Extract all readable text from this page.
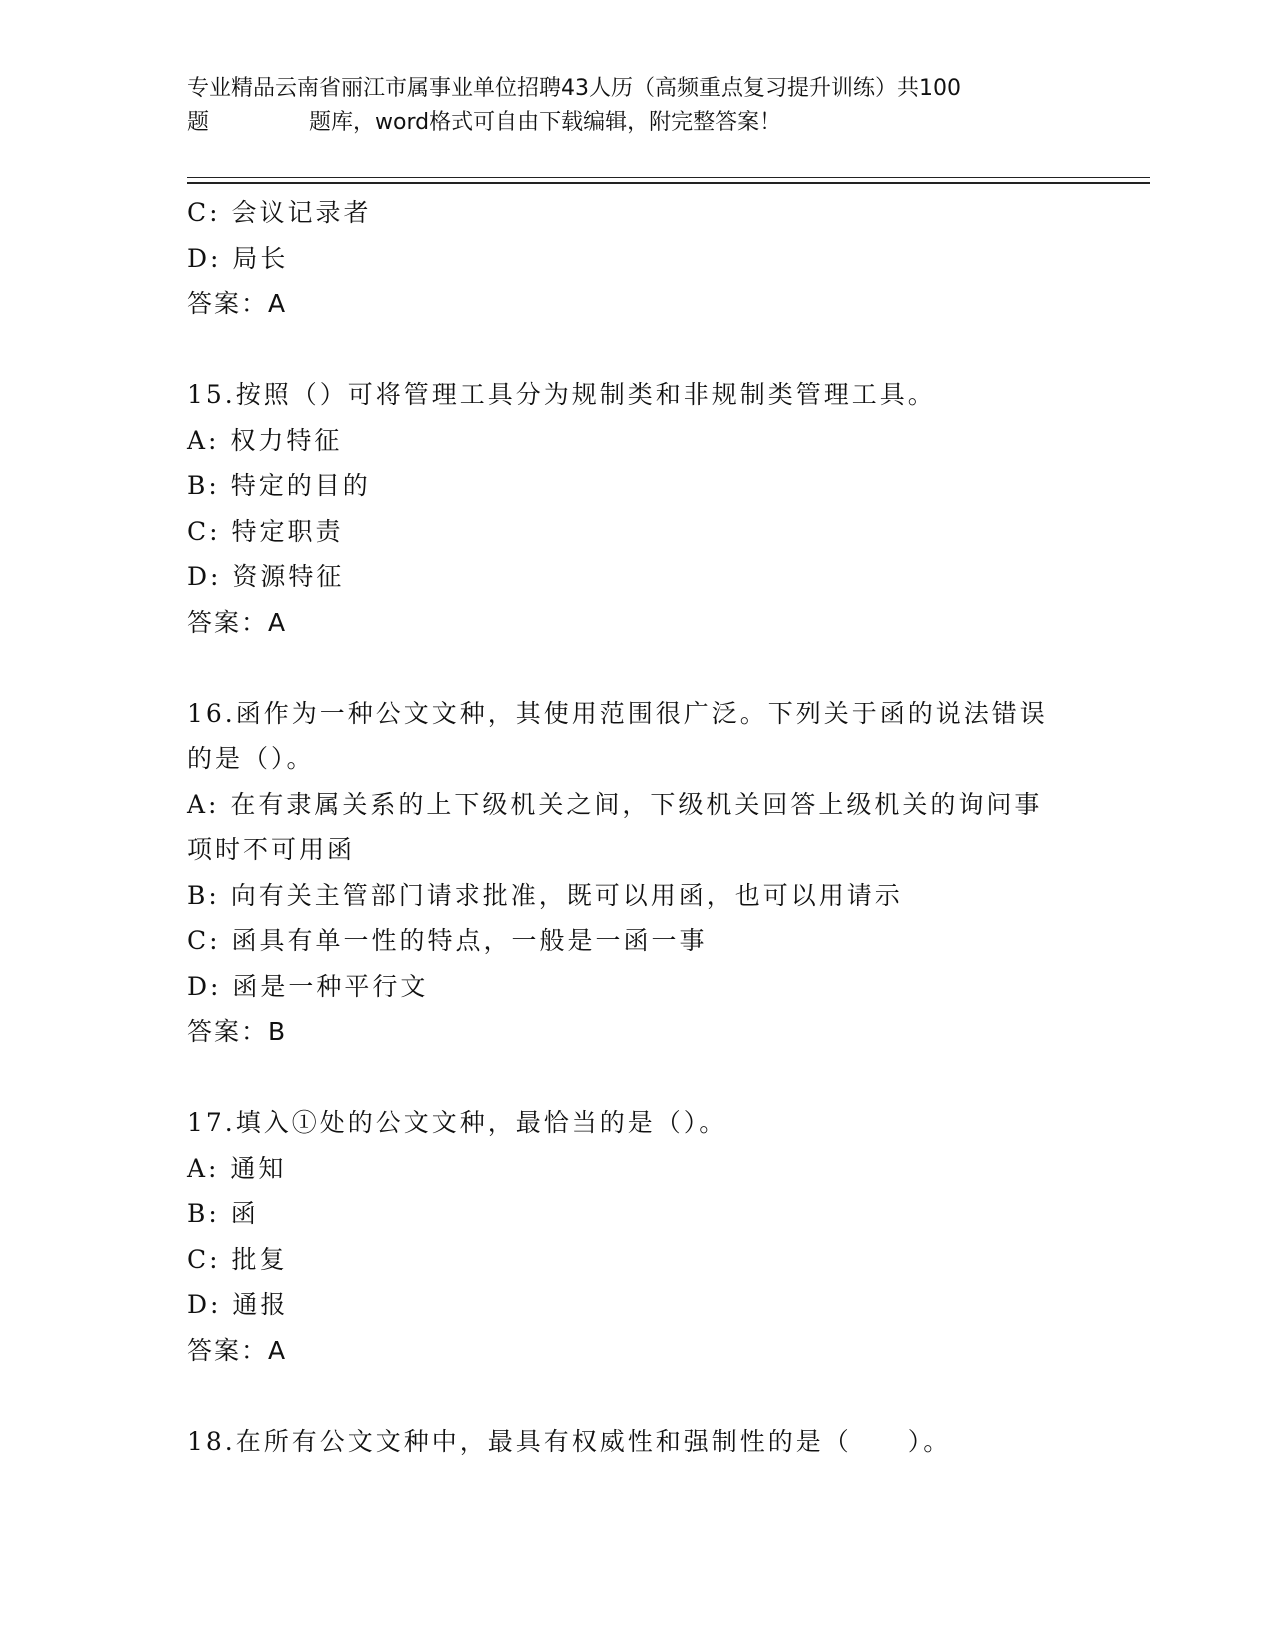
专业精品云南省丽江市属事业单位招聘43人历（高频重点复习提升训练）共100
题	题库，word格式可自由下载编辑，附完整答案！
C: 会议记录者
D: 局长
答案：A
15.按照（）可将管理工具分为规制类和非规制类管理工具。
A: 权力特征
B: 特定的目的
C: 特定职责
D: 资源特征
答案：A
16.函作为一种公文文种，其使用范围很广泛。下列关于函的说法错误
的是（）。
A: 在有隶属关系的上下级机关之间，下级机关回答上级机关的询问事
项时不可用函
B: 向有关主管部门请求批准，既可以用函，也可以用请示
C: 函具有单一性的特点，一般是一函一事
D: 函是一种平行文
答案：B
17.填入①处的公文文种，最恰当的是（）。
A: 通知
B: 函
C: 批复
D: 通报
答案：A
18.在所有公文文种中，最具有权威性和强制性的是（　　）。
